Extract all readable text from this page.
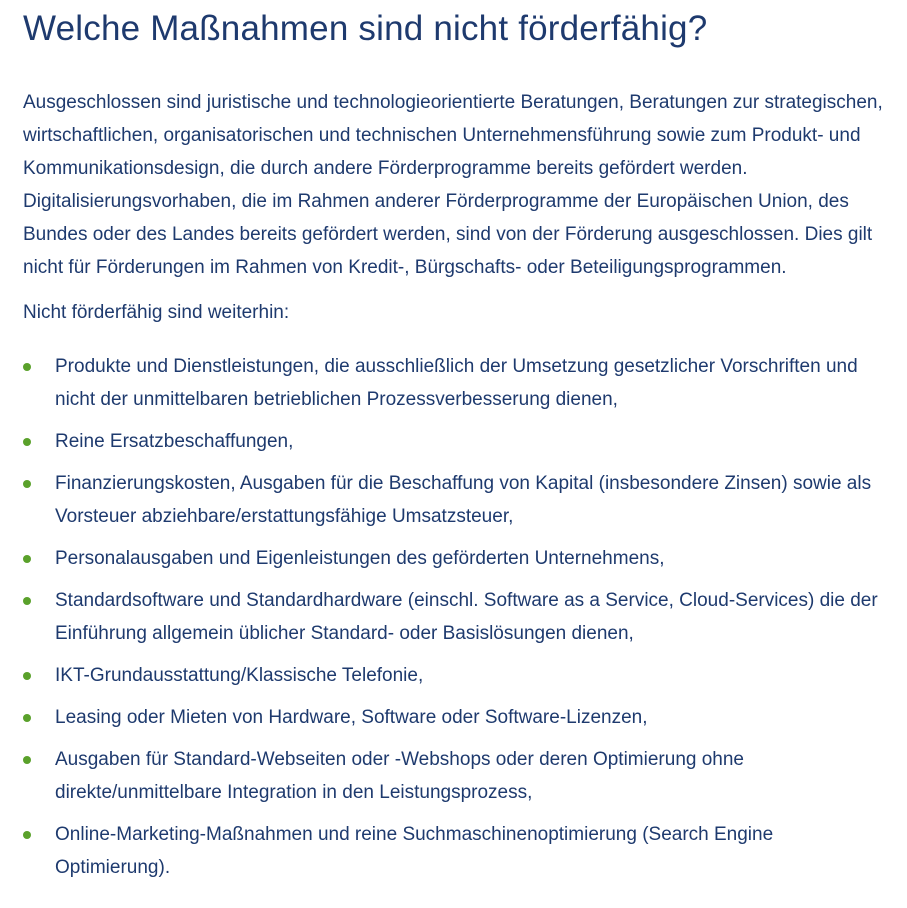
Welche Maßnahmen sind nicht förderfähig?

Ausgeschlossen sind juristische und technologieorientierte Beratungen, Beratungen zur strategischen, wirtschaftlichen, organisatorischen und technischen Unternehmensführung sowie zum Produkt- und Kommunikationsdesign, die durch andere Förderprogramme bereits gefördert werden. Digitalisierungsvorhaben, die im Rahmen anderer Förderprogramme der Europäischen Union, des Bundes oder des Landes bereits gefördert werden, sind von der Förderung ausgeschlossen. Dies gilt nicht für Förderungen im Rahmen von Kredit-, Bürgschafts- oder Beteiligungsprogrammen.

Nicht förderfähig sind weiterhin:

Produkte und Dienstleistungen, die ausschließlich der Umsetzung gesetzlicher Vorschriften und nicht der unmittelbaren betrieblichen Prozessverbesserung dienen,
Reine Ersatzbeschaffungen,
Finanzierungskosten, Ausgaben für die Beschaffung von Kapital (insbesondere Zinsen) sowie als Vorsteuer abziehbare/erstattungsfähige Umsatzsteuer,
Personalausgaben und Eigenleistungen des geförderten Unternehmens,
Standardsoftware und Standardhardware (einschl. Software as a Service, Cloud-Services) die der Einführung allgemein üblicher Standard- oder Basislösungen dienen,
IKT-Grundausstattung/Klassische Telefonie,
Leasing oder Mieten von Hardware, Software oder Software-Lizenzen,
Ausgaben für Standard-Webseiten oder -Webshops oder deren Optimierung ohne direkte/unmittelbare Integration in den Leistungsprozess,
Online-Marketing-Maßnahmen und reine Suchmaschinenoptimierung (Search Engine Optimierung).
